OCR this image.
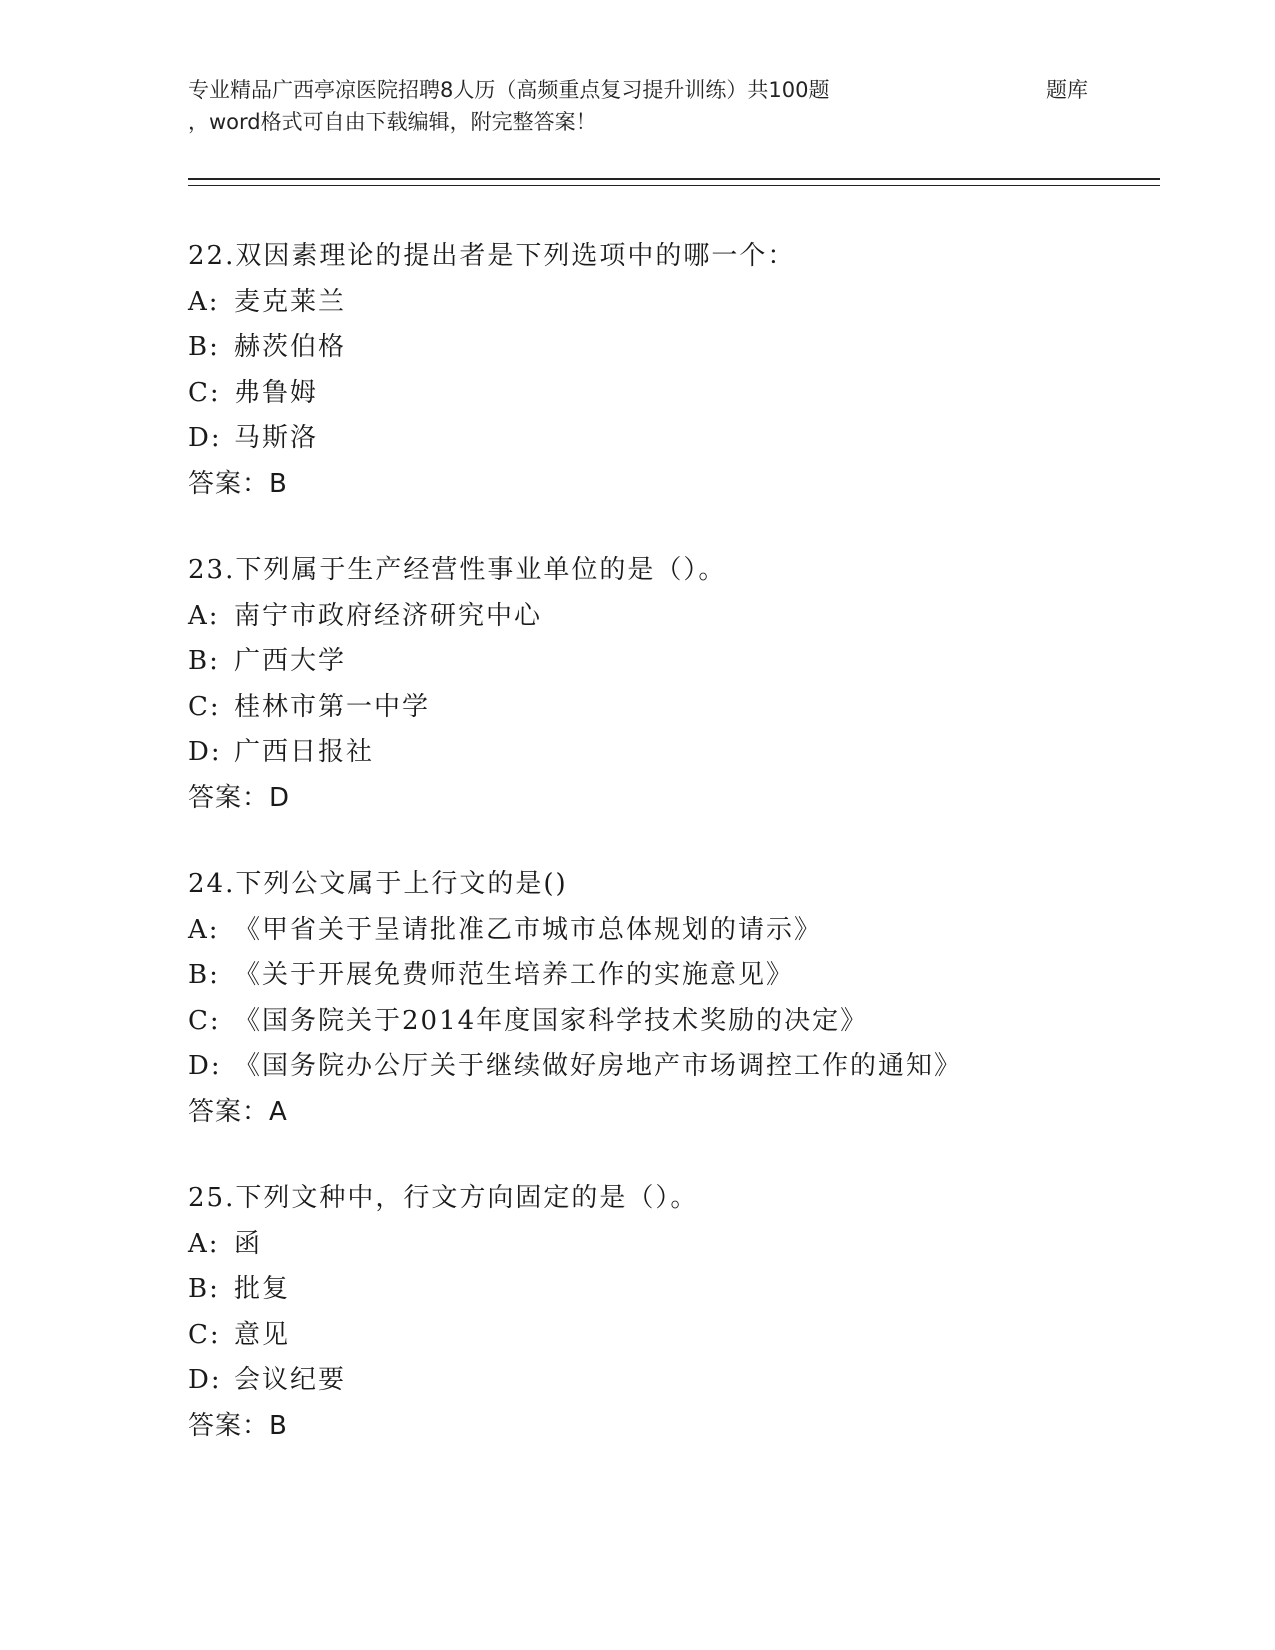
专业精品广西亭凉医院招聘8人历（高频重点复习提升训练）共100题	题库
，word格式可自由下载编辑，附完整答案！
22.双因素理论的提出者是下列选项中的哪一个：
A: 麦克莱兰
B: 赫茨伯格
C: 弗鲁姆
D: 马斯洛
答案：B
23.下列属于生产经营性事业单位的是（）。
A: 南宁市政府经济研究中心
B: 广西大学
C: 桂林市第一中学
D: 广西日报社
答案：D
24.下列公文属于上行文的是()
A: 《甲省关于呈请批准乙市城市总体规划的请示》
B: 《关于开展免费师范生培养工作的实施意见》
C: 《国务院关于2014年度国家科学技术奖励的决定》
D: 《国务院办公厅关于继续做好房地产市场调控工作的通知》
答案：A
25.下列文种中，行文方向固定的是（）。
A: 函
B: 批复
C: 意见
D: 会议纪要
答案：B
